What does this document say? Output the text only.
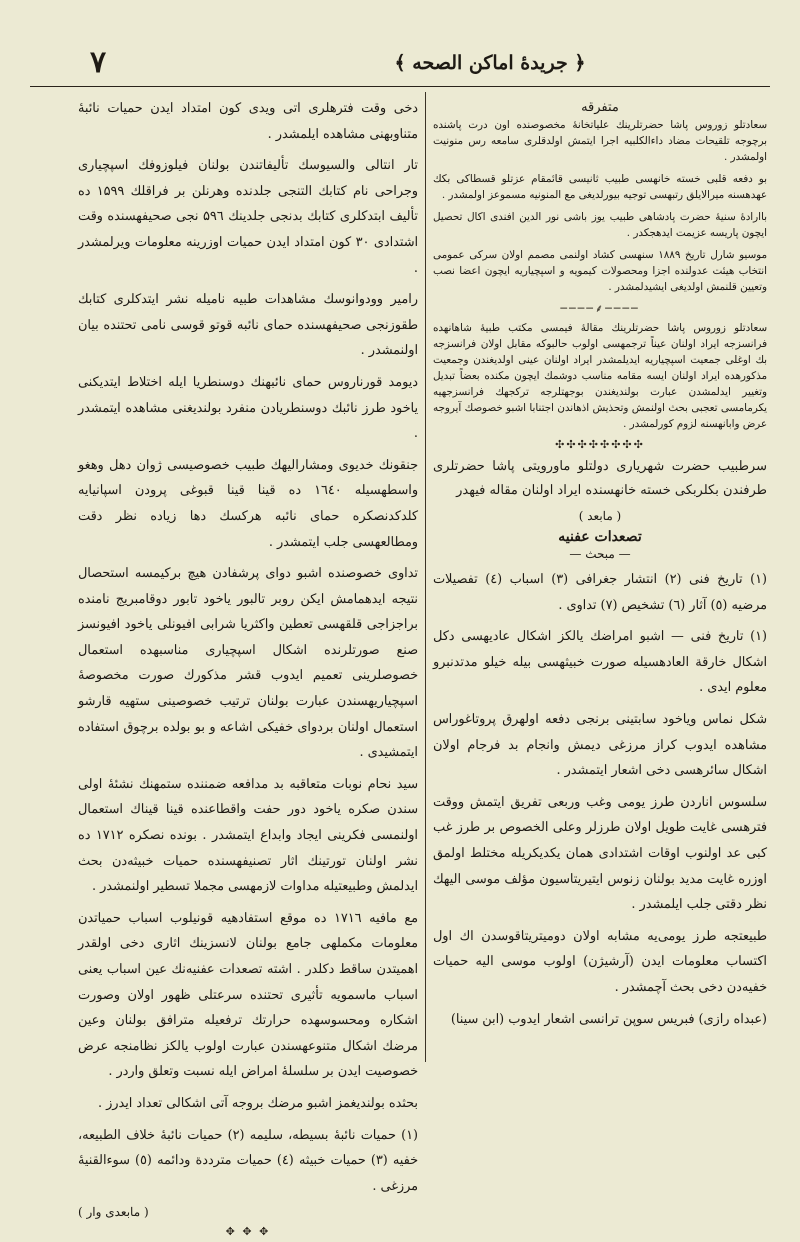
٧	﴿ جريدهٔ اماكن الصحه ﴾
متفرقه

سعادتلو زوروس پاشا حضرتلرینك علیاتخانهٔ مخصوصنده اون درت پاشنده برچوجه تلقیحات مضاد داءالكلبیه اجرا ایتمش اولدقلری سامعه رس منونیت اولمشدر .

بو دفعه قلبی خسته خانهسی طبیب ثانیسی قائمقام عزتلو قسطاكی بكك عهدهسنه میرالایلق رتبهسی توجیه بیورلدیغی مع المنونیه مسموعز اولمشدر .

باارادهٔ سنیهٔ حضرت پادشاهی طبیب یوز باشی نور الدین افندی اکال تحصیل ایچون پاریسه عزیمت ایدهجکدر .

موسیو شارل تاریخ ۱۸۸۹ سنهسی کشاد اولنمی مصمم اولان سرکی عمومی انتخاب هیئت عدولنده اجزا ومحصولات کیمویه و اسپچیاریه ایچون اعضا نصب وتعیین قلنمش اولدیغی ایشیدلمشدر .

────⸙────

سعادتلو زوروس پاشا حضرتلرینك مقالهٔ فیمسی مکتب طبیهٔ شاهانهده فرانسزجه ایراد اولنان عیناً ترجمهسی اولوب حالبوکه مقابل اولان فرانسزجه بك اوغلی جمعیت اسپچیاریه ایدیلمشدر ایراد اولنان عینی اولدیغندن وجمعیت مذکورهده ایراد اولنان ایسه مقامه مناسب دوشمك ایچون مکنده بعضاً تبدیل وتغییر ایدلمشدن عبارت بولندیغندن بوجهتلرجه تركجهك فرانسزجهیه یکرمامسی تعجبی بحث اولنمش وتحذیش اذهاندن اجتنابا اشبو خصوصك آیروجه عرض وابانهسنه لزوم کورلمشدر .

✣✣✣✣✣✣✣✣

سرطبیب حضرت شهریاری دولتلو ماورویتی پاشا حضرتلری طرفندن بکلربکی خسته خانهسنده ایراد اولنان مقاله فیهدر

( مابعد )
تصعدات عفنیه
— مبحث —

(۱) تاریخ فنی (۲) انتشار جغرافی (۳) اسباب (٤) تفصیلات مرضیه (٥) آثار (٦) تشخیص (۷) تداوی .

(۱) تاریخ فنی — اشبو امراضك یالکز اشکال عادیهسی دکل اشکال خارقة العادهسیله صورت خبیثهسی بیله خیلو مدتدنبرو معلوم ایدی .

شکل نماس وياخود سابتینی برنجی دفعه اولهرق پروتاغوراس مشاهده ایدوب کراز مرزغی دیمش وانجام بد فرجام اولان اشکال سائرهسی دخی اشعار ایتمشدر .

سلسوس اناردن طرز یومی وغب وربعی تفریق ایتمش ووقت فترهسی غایت طویل اولان طرزلر وعلی الخصوص بر طرز غب کبی عد اولنوب اوقات اشتدادی همان یکدیکریله مختلط اولمق اوزره غایت مدید بولنان زنوس ایتیریتاسیون مؤلف موسی الیهك نظر دقتی جلب ایلمشدر .

طبیعتجه طرز یومی‌یه مشابه اولان دومیتریتاقوسدن اك اول اکتساب معلومات ایدن (آرشیژن) اولوب موسی الیه حمیات خفیه‌دن دخی بحث آچمشدر .

(عبداه رازی) فبریس سوپن ترانسی اشعار ایدوب (ابن سینا)

دخی وقت فترهلری اتی ویدی کون امتداد ایدن حمیات نائبهٔ متناوبهنی مشاهده ایلمشدر .

تار انتالی والسیوسك تألیفاتندن بولنان فیلوزوفك اسپچیاری وجراحی نام کتابك التنجی جلدنده وهرنلن بر فراقلك ۱۵۹۹ ده تألیف ابتدكلری کتابك بدنجی جلدینك ۵۹٦ نجی صحیفهسنده وقت اشتدادی ۳۰ کون امتداد ایدن حمیات اوزرینه معلومات ویرلمشدر .

رامیر وودوانوسك مشاهدات طبیه نامیله نشر ایتدكلری کتابك طقوزنجی صحیفهسنده حمای نائبه قوتو قوسی نامی تحتنده بیان اولنمشدر .

دیومد قورناروس حمای نائبهنك دوسنطریا ایله اختلاط ایتدیکنی یاخود طرز نائبك دوسنطریادن منفرد بولندیغنی مشاهده ایتمشدر .

جنقونك خدیوی ومشارالیهك طبیب خصوصیسی ژوان دهل وهغو واسطهسیله ۱٦٤۰ ده قینا قینا قبوغی پرودن اسپانیایه کلدکدنصکره حمای نائبه هرکسك دها زیاده نظر دقت ومطالعهسی جلب ایتمشدر .

تداوی خصوصنده اشبو دوای پرشفادن هیچ برکیمسه استحصال نتیجه ایدهمامش ایکن روبر تالبور یاخود تابور دوقامبریج نامنده براجزاجی قلقهسی تعطین واکثریا شرابی افیونلی یاخود افیونسز صنع صورتلرنده اشکال اسپچیاری مناسبهده استعمال خصوصلرینی تعمیم ایدوب قشر مذکورك صورت مخصوصهٔ اسپچیاریهسندن عبارت بولنان ترتیب خصوصینی ستهیه قارشو استعمال اولنان بردوای خفیکی اشاعه و بو بولده برچوق استفاده ایتمشیدی .

سید نحام نوبات متعاقبه بد مدافعه ضمننده ستمهنك نشئهٔ اولی سندن صکره یاخود دور حفت واقطاعنده قینا قیناك استعمال اولنمسی فکرینی ایجاد وابداع ایتمشدر . بونده نصکره ۱۷۱۲ ده نشر اولنان تورتینك اثار تصنیفهسنده حمیات خبیثه‌دن بحث ایدلمش وطبیعتیله مداوات لازمهسی مجملا تسطیر اولنمشدر .

مع مافیه ۱۷۱٦ ده موقع استفادهیه قونیلوب اسباب حمیاتدن معلومات مکملهی جامع بولنان لانسزینك اثاری دخی اولقدر اهمیتدن ساقط دکلدر . اشته تصعدات عفنیه‌نك عین اسباب یعنی اسباب ماسمویه تأثیری تحتنده سرعتلی ظهور اولان وصورت اشکاره ومحسوسهده حرارتك ترفعیله مترافق بولنان وعین مرضك اشکال متنوعهسندن عبارت اولوب یالکز نظامنجه عرض خصوصیت ایدن بر سلسلهٔ امراض ایله نسبت وتعلق واردر .

بحثده بولندیغمز اشبو مرضك بروجه آتی اشکالی تعداد ایدرز .

(۱) حمیات نائبهٔ بسیطه، سلیمه (۲) حمیات نائبهٔ خلاف الطبیعه، خفیه (۳) حمیات خبیثه (٤) حمیات مترددة ودائمه (٥) سوءالقنیهٔ مرزغی .

( مابعدی وار )
✥ ✥ ✥
